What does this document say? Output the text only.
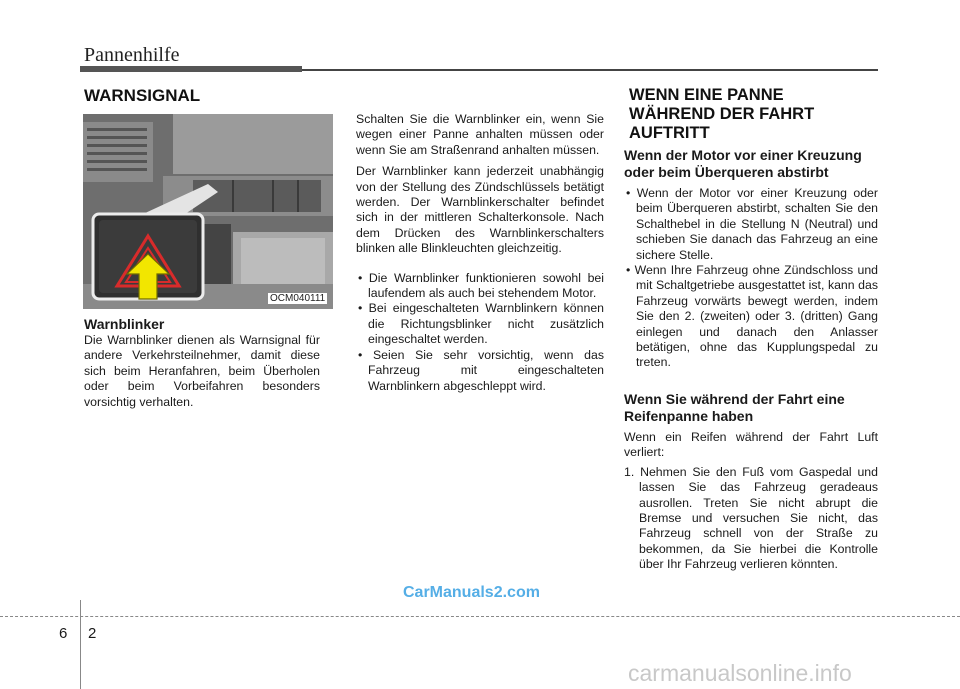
Pannenhilfe
WARNSIGNAL
OCM040111
Warnblinker
Die Warnblinker dienen als Warnsignal für andere Verkehrsteilnehmer, damit diese sich beim Heranfahren, beim Überholen oder beim Vorbeifahren besonders vorsichtig verhalten.
Schalten Sie die Warnblinker ein, wenn Sie wegen einer Panne anhalten müssen oder wenn Sie am Straßenrand anhalten müssen.
Der Warnblinker kann jederzeit unabhängig von der Stellung des Zündschlüssels betätigt werden. Der Warnblinkerschalter befindet sich in der mittleren Schalterkonsole. Nach dem Drücken des Warnblinkerschalters blinken alle Blinkleuchten gleichzeitig.
• Die Warnblinker funktionieren sowohl bei laufendem als auch bei stehendem Motor.
• Bei eingeschalteten Warnblinkern können die Richtungsblinker nicht zusätzlich eingeschaltet werden.
• Seien Sie sehr vorsichtig, wenn das Fahrzeug mit eingeschalteten Warnblinkern abgeschleppt wird.
WENN EINE PANNE
WÄHREND DER FAHRT
AUFTRITT
Wenn der Motor vor einer Kreuzung
oder beim Überqueren abstirbt
• Wenn der Motor vor einer Kreuzung oder beim Überqueren abstirbt, schalten Sie den Schalthebel in die Stellung N (Neutral) und schieben Sie danach das Fahrzeug an eine sichere Stelle.
• Wenn Ihre Fahrzeug ohne Zündschloss und mit Schaltgetriebe ausgestattet ist, kann das Fahrzeug vorwärts bewegt werden, indem Sie den 2. (zweiten) oder 3. (dritten) Gang einlegen und danach den Anlasser betätigen, ohne das Kupplungspedal zu treten.
Wenn Sie während der Fahrt eine
Reifenpanne haben
Wenn ein Reifen während der Fahrt Luft verliert:
1. Nehmen Sie den Fuß vom Gaspedal und lassen Sie das Fahrzeug geradeaus ausrollen. Treten Sie nicht abrupt die Bremse und versuchen Sie nicht, das Fahrzeug schnell von der Straße zu bekommen, da Sie hierbei die Kontrolle über Ihr Fahrzeug verlieren könnten.
CarManuals2.com
6 2
carmanualsonline.info
